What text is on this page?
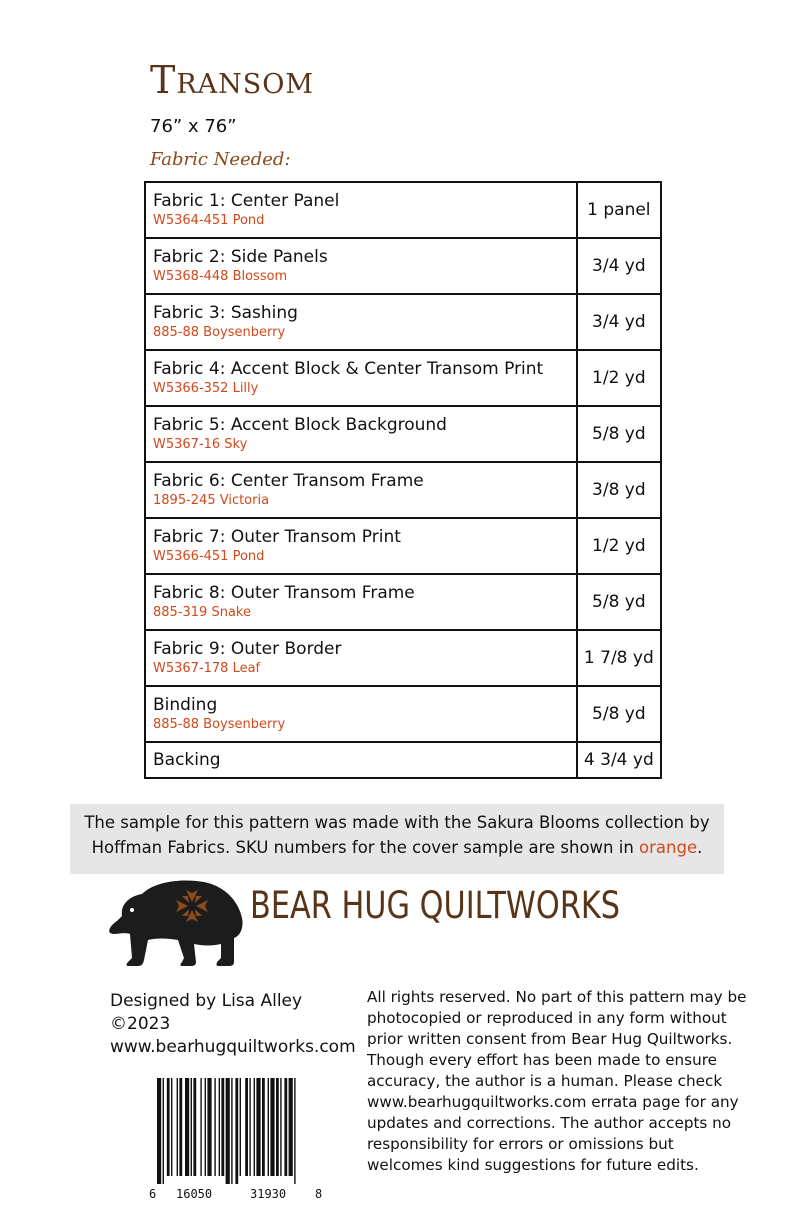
Transom
76” x 76”
Fabric Needed:
Fabric 1: Center Panel
W5364-451 Pond	1 panel

Fabric 2: Side Panels
W5368-448 Blossom	3/4 yd

Fabric 3: Sashing
885-88 Boysenberry	3/4 yd

Fabric 4: Accent Block & Center Transom Print
W5366-352 Lilly	1/2 yd

Fabric 5: Accent Block Background
W5367-16 Sky	5/8 yd

Fabric 6: Center Transom Frame
1895-245 Victoria	3/8 yd

Fabric 7: Outer Transom Print
W5366-451 Pond	1/2 yd

Fabric 8: Outer Transom Frame
885-319 Snake	5/8 yd

Fabric 9: Outer Border
W5367-178 Leaf	1 7/8 yd

Binding
885-88 Boysenberry	5/8 yd

Backing	4 3/4 yd
The sample for this pattern was made with the Sakura Blooms collection by Hoffman Fabrics. SKU numbers for the cover sample are shown in orange.
BEAR HUG QUILTWORKS
Designed by Lisa Alley
©2023
www.bearhugquiltworks.com
All rights reserved. No part of this pattern may be photocopied or reproduced in any form without prior written consent from Bear Hug Quiltworks. Though every effort has been made to ensure accuracy, the author is a human. Please check www.bearhugquiltworks.com errata page for any updates and corrections. The author accepts no responsibility for errors or omissions but welcomes kind suggestions for future edits.
6 16050	31930 8
